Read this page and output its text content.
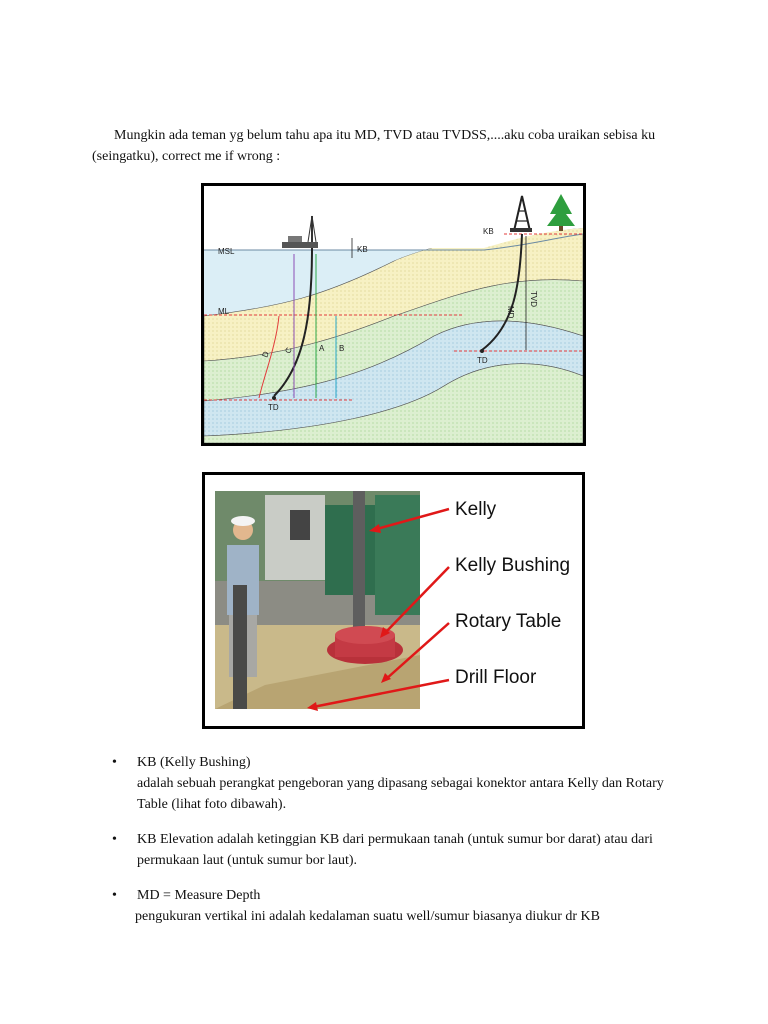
Mungkin ada teman yg belum tahu apa itu MD, TVD atau TVDSS,....aku coba uraikan sebisa ku (seingatku), correct me if wrong :

MSL
ML
KB
KB
D C	A B
TD
MD
TVD
TD
Kelly
Kelly Bushing
Rotary Table
Drill Floor
• KB (Kelly Bushing)
adalah sebuah perangkat pengeboran yang dipasang sebagai konektor antara Kelly dan Rotary Table (lihat foto dibawah).
• KB Elevation adalah ketinggian KB dari permukaan tanah (untuk sumur bor darat) atau dari permukaan laut (untuk sumur bor laut).
• MD = Measure Depth
pengukuran vertikal ini adalah kedalaman suatu well/sumur biasanya diukur dr KB
